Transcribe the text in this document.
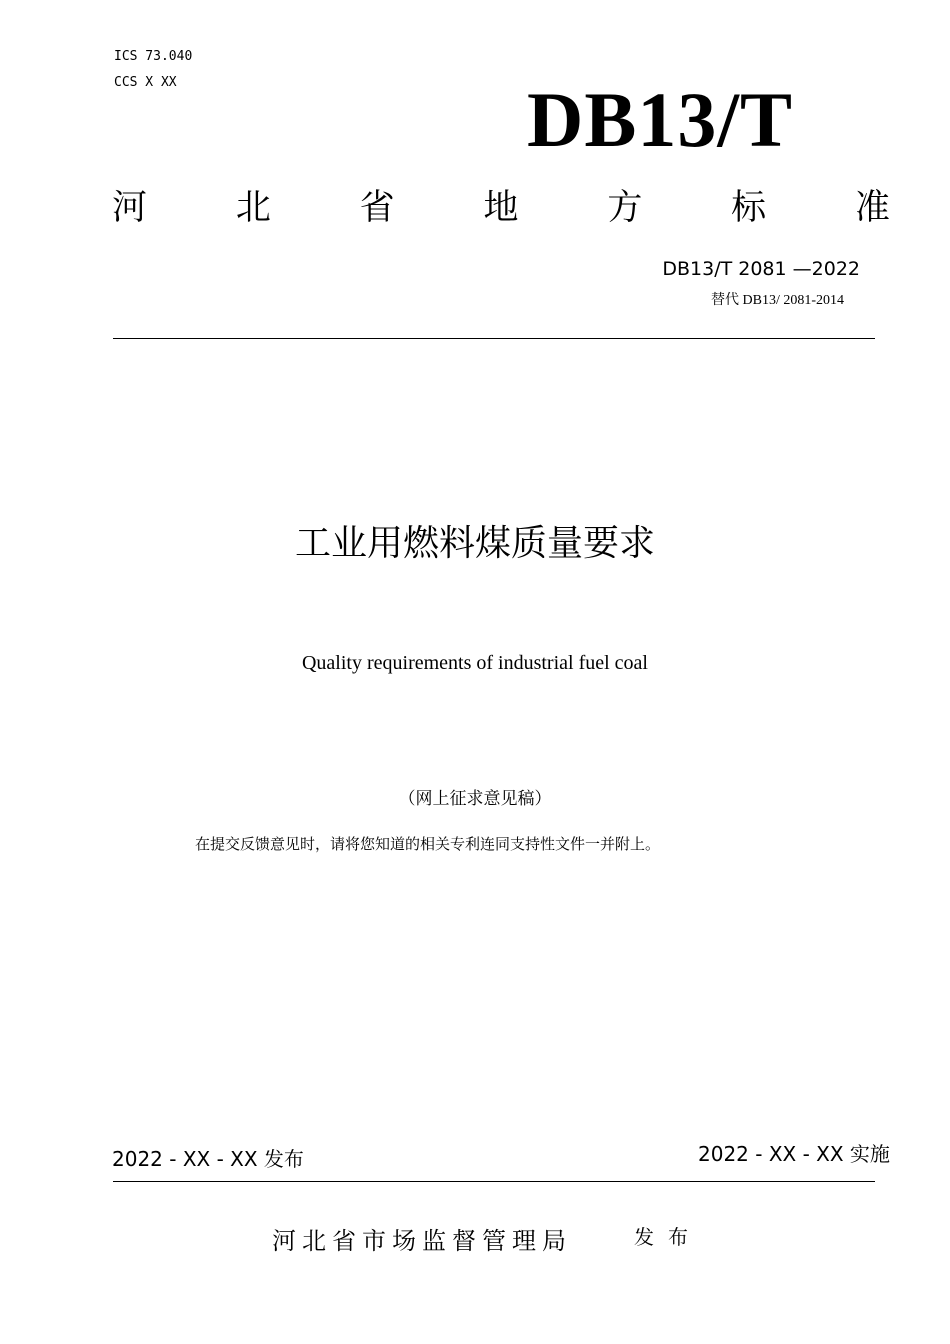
ICS 73.040
CCS X XX	DB13/T
河	北	省	地	方	标	准
DB13/T 2081 —2022
替代 DB13/ 2081-2014
工业用燃料煤质量要求
Quality requirements of industrial fuel coal
（网上征求意见稿）
在提交反馈意见时，请将您知道的相关专利连同支持性文件一并附上。
2022 - XX - XX 发布	2022 - XX - XX 实施
河北省市场监督管理局	发布
